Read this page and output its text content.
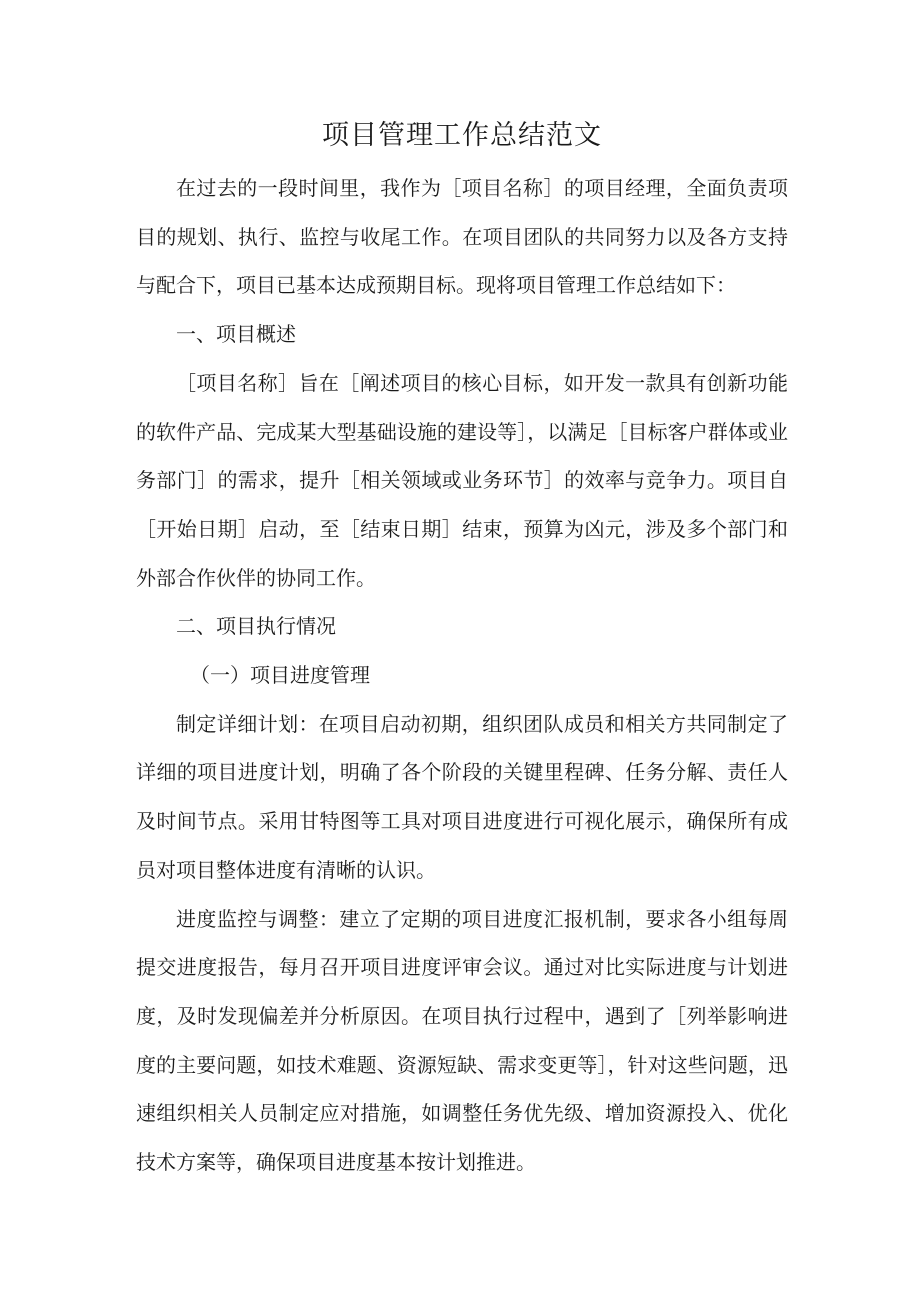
项目管理工作总结范文

在过去的一段时间里，我作为［项目名称］的项目经理，全面负责项目的规划、执行、监控与收尾工作。在项目团队的共同努力以及各方支持与配合下，项目已基本达成预期目标。现将项目管理工作总结如下：

一、项目概述

［项目名称］旨在［阐述项目的核心目标，如开发一款具有创新功能的软件产品、完成某大型基础设施的建设等］，以满足［目标客户群体或业务部门］的需求，提升［相关领域或业务环节］的效率与竞争力。项目自［开始日期］启动，至［结束日期］结束，预算为凶元，涉及多个部门和外部合作伙伴的协同工作。

二、项目执行情况

（一）项目进度管理

制定详细计划：在项目启动初期，组织团队成员和相关方共同制定了详细的项目进度计划，明确了各个阶段的关键里程碑、任务分解、责任人及时间节点。采用甘特图等工具对项目进度进行可视化展示，确保所有成员对项目整体进度有清晰的认识。

进度监控与调整：建立了定期的项目进度汇报机制，要求各小组每周提交进度报告，每月召开项目进度评审会议。通过对比实际进度与计划进度，及时发现偏差并分析原因。在项目执行过程中，遇到了［列举影响进度的主要问题，如技术难题、资源短缺、需求变更等］，针对这些问题，迅速组织相关人员制定应对措施，如调整任务优先级、增加资源投入、优化技术方案等，确保项目进度基本按计划推进。
